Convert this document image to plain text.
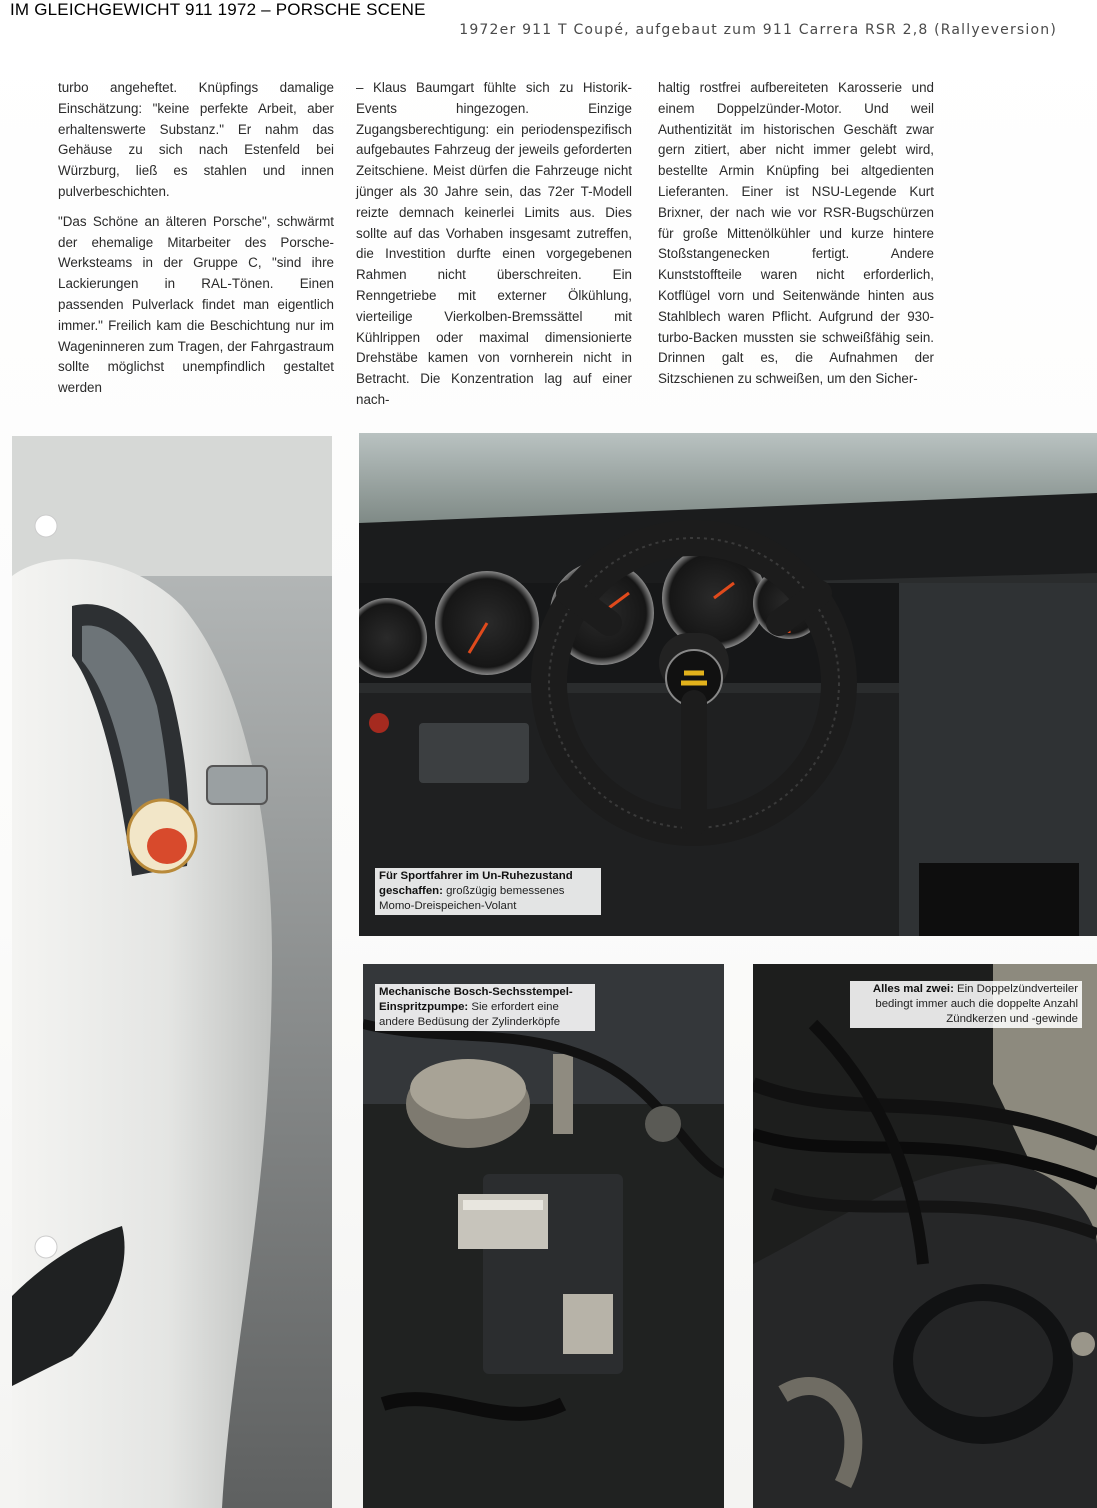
IM GLEICHGEWICHT 911 1972 – PORSCHE SCENE
1972er 911 T Coupé, aufgebaut zum 911 Carrera RSR 2,8 (Rallyeversion)

turbo angeheftet. Knüpfings damalige Einschätzung: "keine perfekte Arbeit, aber erhaltenswerte Substanz." Er nahm das Gehäuse zu sich nach Estenfeld bei Würzburg, ließ es stahlen und innen pulverbeschichten.

"Das Schöne an älteren Porsche", schwärmt der ehemalige Mitarbeiter des Porsche-Werksteams in der Gruppe C, "sind ihre Lackierungen in RAL-Tönen. Einen passenden Pulverlack findet man eigentlich immer." Freilich kam die Beschichtung nur im Wageninneren zum Tragen, der Fahrgastraum sollte möglichst unempfindlich gestaltet werden

– Klaus Baumgart fühlte sich zu Historik-Events hingezogen. Einzige Zugangsberechtigung: ein periodenspezifisch aufgebautes Fahrzeug der jeweils geforderten Zeitschiene. Meist dürfen die Fahrzeuge nicht jünger als 30 Jahre sein, das 72er T-Modell reizte demnach keinerlei Limits aus. Dies sollte auf das Vorhaben insgesamt zutreffen, die Investition durfte einen vorgegebenen Rahmen nicht überschreiten. Ein Renngetriebe mit externer Ölkühlung, vierteilige Vierkolben-Bremssättel mit Kühlrippen oder maximal dimensionierte Drehstäbe kamen von vornherein nicht in Betracht. Die Konzentration lag auf einer nach-

haltig rostfrei aufbereiteten Karosserie und einem Doppelzünder-Motor. Und weil Authentizität im historischen Geschäft zwar gern zitiert, aber nicht immer gelebt wird, bestellte Armin Knüpfing bei altgedienten Lieferanten. Einer ist NSU-Legende Kurt Brixner, der nach wie vor RSR-Bugschürzen für große Mittenölkühler und kurze hintere Stoßstangenecken fertigt. Andere Kunststoffteile waren nicht erforderlich, Kotflügel vorn und Seitenwände hinten aus Stahlblech waren Pflicht. Aufgrund der 930-turbo-Backen mussten sie schweißfähig sein. Drinnen galt es, die Aufnahmen der Sitzschienen zu schweißen, um den Sicher-

Für Sportfahrer im Un-Ruhezustand geschaffen: großzügig bemessenes Momo-Dreispeichen-Volant
Mechanische Bosch-Sechsstempel-Einspritzpumpe: Sie erfordert eine andere Bedüsung der Zylinderköpfe
Alles mal zwei: Ein Doppelzündverteiler bedingt immer auch die doppelte Anzahl Zündkerzen und -gewinde
